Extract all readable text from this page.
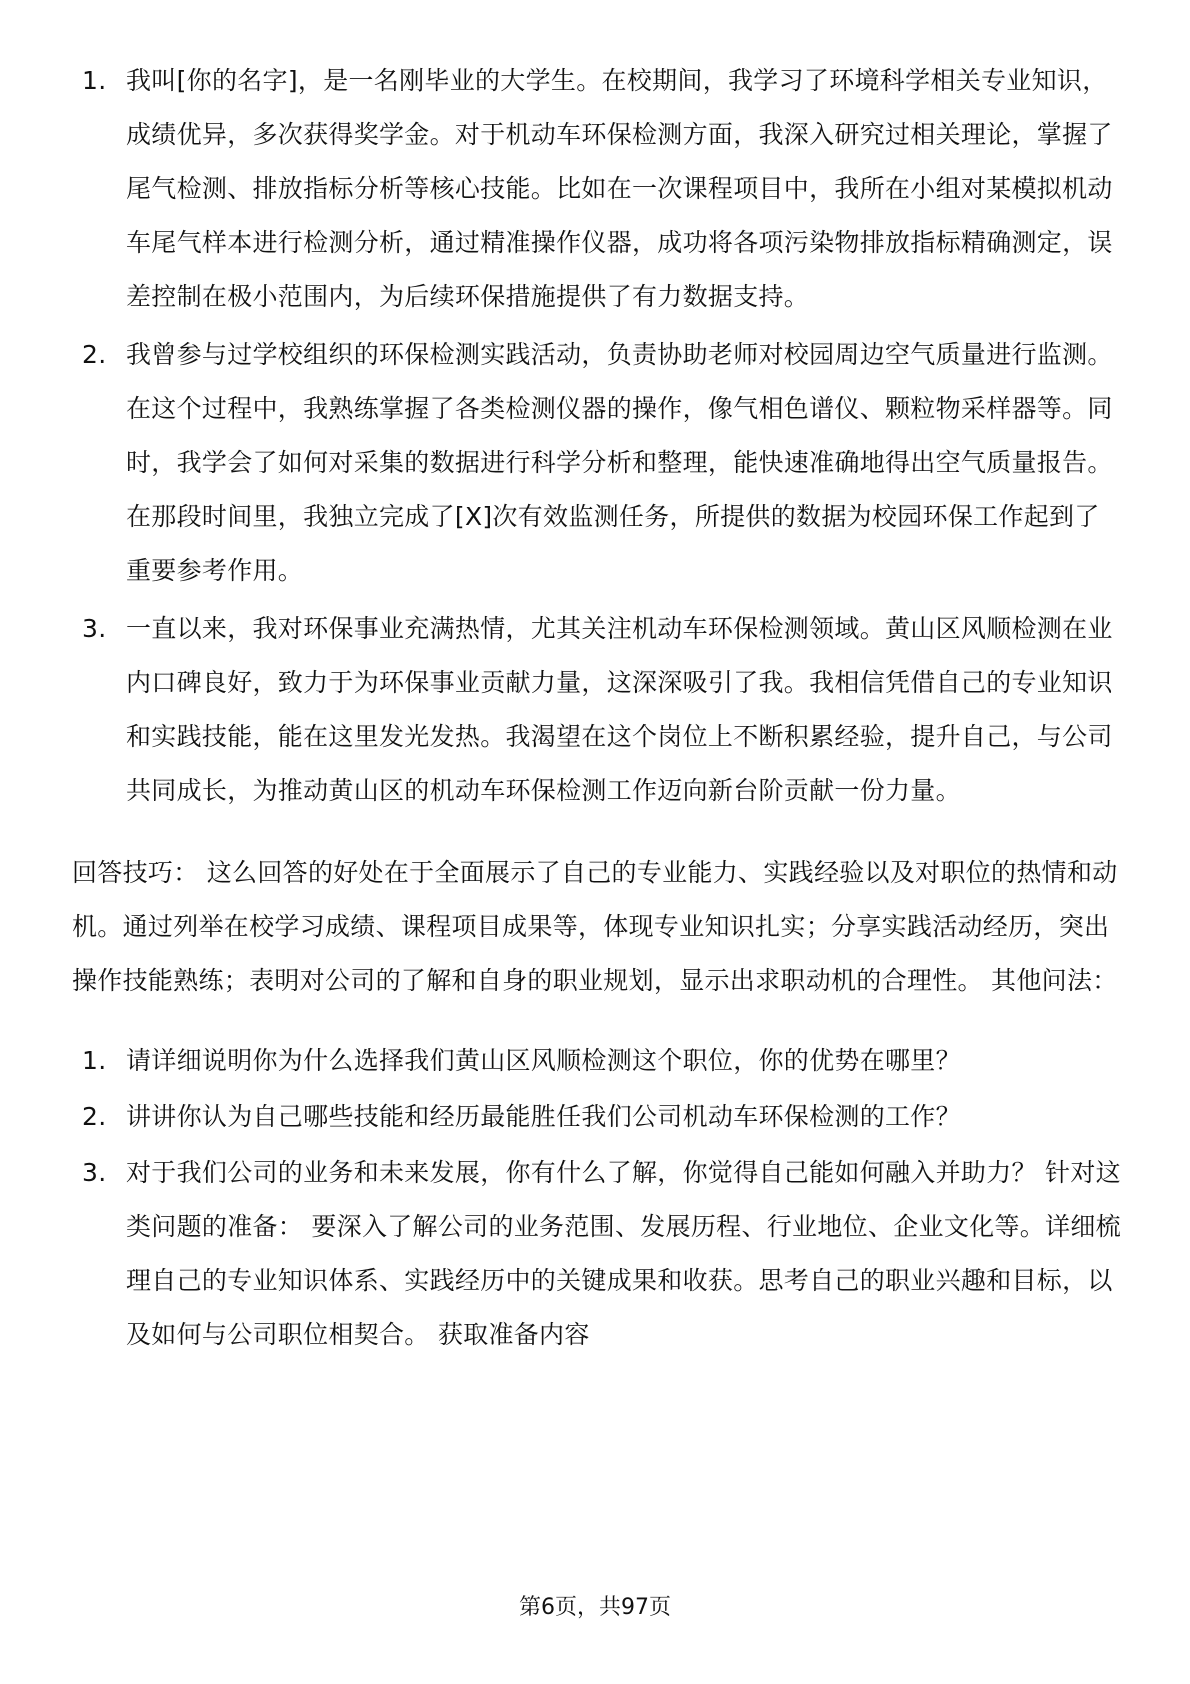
1. 我叫[你的名字]，是一名刚毕业的大学生。在校期间，我学习了环境科学相关专业知识，成绩优异，多次获得奖学金。对于机动车环保检测方面，我深入研究过相关理论，掌握了尾气检测、排放指标分析等核心技能。比如在一次课程项目中，我所在小组对某模拟机动车尾气样本进行检测分析，通过精准操作仪器，成功将各项污染物排放指标精确测定，误差控制在极小范围内，为后续环保措施提供了有力数据支持。
2. 我曾参与过学校组织的环保检测实践活动，负责协助老师对校园周边空气质量进行监测。在这个过程中，我熟练掌握了各类检测仪器的操作，像气相色谱仪、颗粒物采样器等。同时，我学会了如何对采集的数据进行科学分析和整理，能快速准确地得出空气质量报告。在那段时间里，我独立完成了[X]次有效监测任务，所提供的数据为校园环保工作起到了重要参考作用。
3. 一直以来，我对环保事业充满热情，尤其关注机动车环保检测领域。黄山区风顺检测在业内口碑良好，致力于为环保事业贡献力量，这深深吸引了我。我相信凭借自己的专业知识和实践技能，能在这里发光发热。我渴望在这个岗位上不断积累经验，提升自己，与公司共同成长，为推动黄山区的机动车环保检测工作迈向新台阶贡献一份力量。

回答技巧： 这么回答的好处在于全面展示了自己的专业能力、实践经验以及对职位的热情和动机。通过列举在校学习成绩、课程项目成果等，体现专业知识扎实；分享实践活动经历，突出操作技能熟练；表明对公司的了解和自身的职业规划，显示出求职动机的合理性。 其他问法：

1. 请详细说明你为什么选择我们黄山区风顺检测这个职位，你的优势在哪里？
2. 讲讲你认为自己哪些技能和经历最能胜任我们公司机动车环保检测的工作？
3. 对于我们公司的业务和未来发展，你有什么了解，你觉得自己能如何融入并助力？ 针对这类问题的准备： 要深入了解公司的业务范围、发展历程、行业地位、企业文化等。详细梳理自己的专业知识体系、实践经历中的关键成果和收获。思考自己的职业兴趣和目标，以及如何与公司职位相契合。 获取准备内容
第6页，共97页
